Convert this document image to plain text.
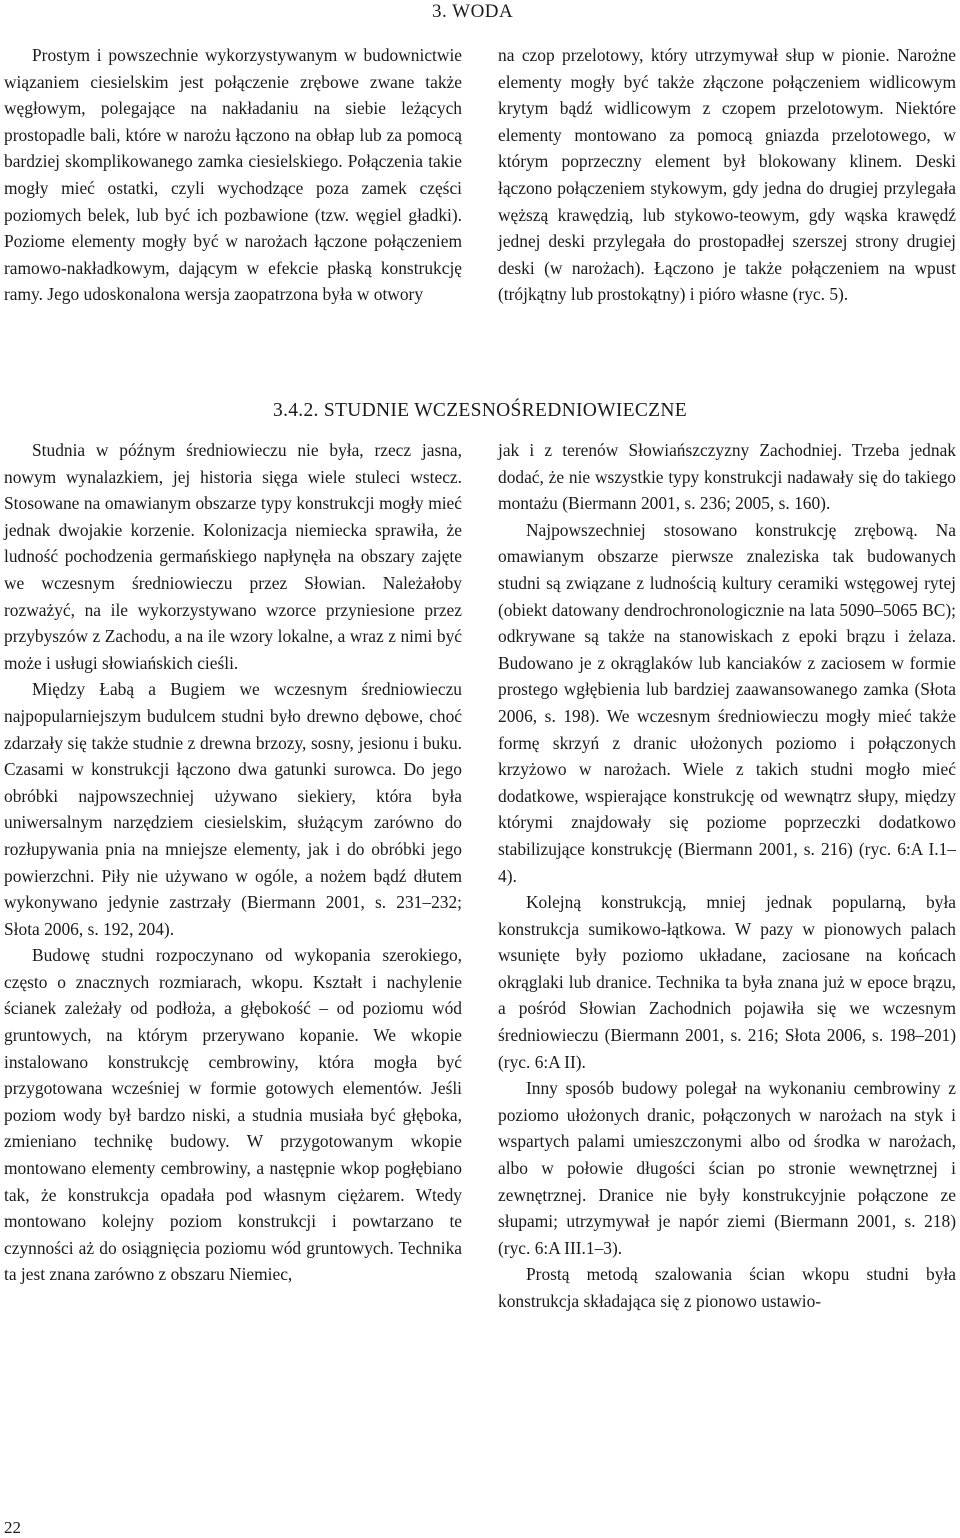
3. WODA

Prostym i powszechnie wykorzystywanym w budownictwie wiązaniem ciesielskim jest połączenie zrębowe zwane także węgłowym, polegające na nakładaniu na siebie leżących prostopadle bali, które w narożu łączono na obłap lub za pomocą bardziej skomplikowanego zamka ciesielskiego. Połączenia takie mogły mieć ostatki, czyli wychodzące poza zamek części poziomych belek, lub być ich pozbawione (tzw. węgiel gładki). Poziome elementy mogły być w narożach łączone połączeniem ramowo-nakładkowym, dającym w efekcie płaską konstrukcję ramy. Jego udoskonalona wersja zaopatrzona była w otwory

na czop przelotowy, który utrzymywał słup w pionie. Narożne elementy mogły być także złączone połączeniem widlicowym krytym bądź widlicowym z czopem przelotowym. Niektóre elementy montowano za pomocą gniazda przelotowego, w którym poprzeczny element był blokowany klinem. Deski łączono połączeniem stykowym, gdy jedna do drugiej przylegała węższą krawędzią, lub stykowo-teowym, gdy wąska krawędź jednej deski przylegała do prostopadłej szerszej strony drugiej deski (w narożach). Łączono je także połączeniem na wpust (trójkątny lub prostokątny) i pióro własne (ryc. 5).

3.4.2. STUDNIE WCZESNOŚREDNIOWIECZNE

Studnia w późnym średniowieczu nie była, rzecz jasna, nowym wynalazkiem, jej historia sięga wiele stuleci wstecz. Stosowane na omawianym obszarze typy konstrukcji mogły mieć jednak dwojakie korzenie. Kolonizacja niemiecka sprawiła, że ludność pochodzenia germańskiego napłynęła na obszary zajęte we wczesnym średniowieczu przez Słowian. Należałoby rozważyć, na ile wykorzystywano wzorce przyniesione przez przybyszów z Zachodu, a na ile wzory lokalne, a wraz z nimi być może i usługi słowiańskich cieśli.

Między Łabą a Bugiem we wczesnym średniowieczu najpopularniejszym budulcem studni było drewno dębowe, choć zdarzały się także studnie z drewna brzozy, sosny, jesionu i buku. Czasami w konstrukcji łączono dwa gatunki surowca. Do jego obróbki najpowszechniej używano siekiery, która była uniwersalnym narzędziem ciesielskim, służącym zarówno do rozłupywania pnia na mniejsze elementy, jak i do obróbki jego powierzchni. Piły nie używano w ogóle, a nożem bądź dłutem wykonywano jedynie zastrzały (Biermann 2001, s. 231–232; Słota 2006, s. 192, 204).

Budowę studni rozpoczynano od wykopania szerokiego, często o znacznych rozmiarach, wkopu. Kształt i nachylenie ścianek zależały od podłoża, a głębokość – od poziomu wód gruntowych, na którym przerywano kopanie. We wkopie instalowano konstrukcję cembrowiny, która mogła być przygotowana wcześniej w formie gotowych elementów. Jeśli poziom wody był bardzo niski, a studnia musiała być głęboka, zmieniano technikę budowy. W przygotowanym wkopie montowano elementy cembrowiny, a następnie wkop pogłębiano tak, że konstrukcja opadała pod własnym ciężarem. Wtedy montowano kolejny poziom konstrukcji i powtarzano te czynności aż do osiągnięcia poziomu wód gruntowych. Technika ta jest znana zarówno z obszaru Niemiec,

jak i z terenów Słowiańszczyzny Zachodniej. Trzeba jednak dodać, że nie wszystkie typy konstrukcji nadawały się do takiego montażu (Biermann 2001, s. 236; 2005, s. 160).

Najpowszechniej stosowano konstrukcję zrębową. Na omawianym obszarze pierwsze znaleziska tak budowanych studni są związane z ludnością kultury ceramiki wstęgowej rytej (obiekt datowany dendrochronologicznie na lata 5090–5065 BC); odkrywane są także na stanowiskach z epoki brązu i żelaza. Budowano je z okrąglaków lub kanciaków z zaciosem w formie prostego wgłębienia lub bardziej zaawansowanego zamka (Słota 2006, s. 198). We wczesnym średniowieczu mogły mieć także formę skrzyń z dranic ułożonych poziomo i połączonych krzyżowo w narożach. Wiele z takich studni mogło mieć dodatkowe, wspierające konstrukcję od wewnątrz słupy, między którymi znajdowały się poziome poprzeczki dodatkowo stabilizujące konstrukcję (Biermann 2001, s. 216) (ryc. 6:A I.1–4).

Kolejną konstrukcją, mniej jednak popularną, była konstrukcja sumikowo-łątkowa. W pazy w pionowych palach wsunięte były poziomo układane, zaciosane na końcach okrąglaki lub dranice. Technika ta była znana już w epoce brązu, a pośród Słowian Zachodnich pojawiła się we wczesnym średniowieczu (Biermann 2001, s. 216; Słota 2006, s. 198–201) (ryc. 6:A II).

Inny sposób budowy polegał na wykonaniu cembrowiny z poziomo ułożonych dranic, połączonych w narożach na styk i wspartych palami umieszczonymi albo od środka w narożach, albo w połowie długości ścian po stronie wewnętrznej i zewnętrznej. Dranice nie były konstrukcyjnie połączone ze słupami; utrzymywał je napór ziemi (Biermann 2001, s. 218) (ryc. 6:A III.1–3).

Prostą metodą szalowania ścian wkopu studni była konstrukcja składająca się z pionowo ustawio-

22
